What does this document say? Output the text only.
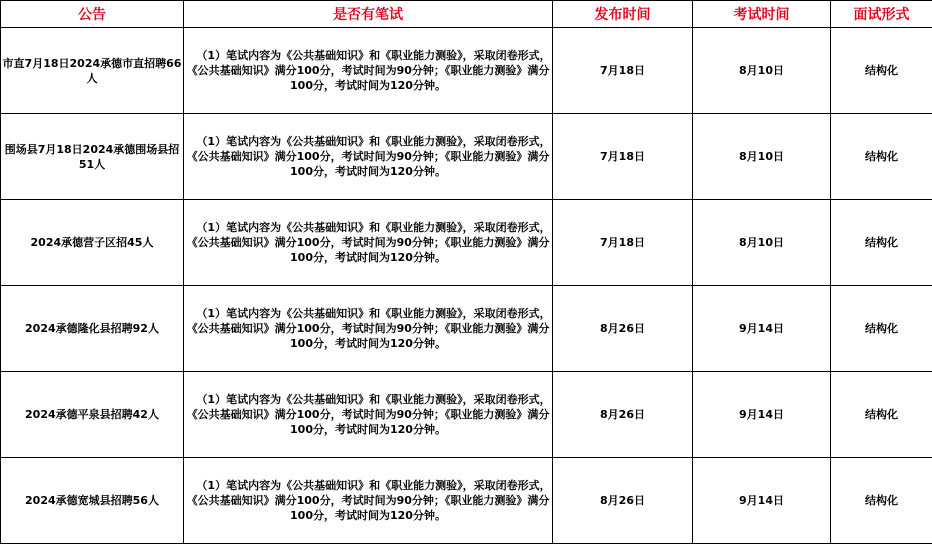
公告	是否有笔试	发布时间	考试时间	面试形式
市直7月18日2024承德市直招聘66人	（1）笔试内容为《公共基础知识》和《职业能力测验》，采取闭卷形式，《公共基础知识》满分100分，考试时间为90分钟；《职业能力测验》满分100分，考试时间为120分钟。	7月18日	8月10日	结构化
围场县7月18日2024承德围场县招51人	（1）笔试内容为《公共基础知识》和《职业能力测验》，采取闭卷形式，《公共基础知识》满分100分，考试时间为90分钟；《职业能力测验》满分100分，考试时间为120分钟。	7月18日	8月10日	结构化
2024承德营子区招45人	（1）笔试内容为《公共基础知识》和《职业能力测验》，采取闭卷形式，《公共基础知识》满分100分，考试时间为90分钟；《职业能力测验》满分100分，考试时间为120分钟。	7月18日	8月10日	结构化
2024承德隆化县招聘92人	（1）笔试内容为《公共基础知识》和《职业能力测验》，采取闭卷形式，《公共基础知识》满分100分，考试时间为90分钟；《职业能力测验》满分100分，考试时间为120分钟。	8月26日	9月14日	结构化
2024承德平泉县招聘42人	（1）笔试内容为《公共基础知识》和《职业能力测验》，采取闭卷形式，《公共基础知识》满分100分，考试时间为90分钟；《职业能力测验》满分100分，考试时间为120分钟。	8月26日	9月14日	结构化
2024承德宽城县招聘56人	（1）笔试内容为《公共基础知识》和《职业能力测验》，采取闭卷形式，《公共基础知识》满分100分，考试时间为90分钟；《职业能力测验》满分100分，考试时间为120分钟。	8月26日	9月14日	结构化
